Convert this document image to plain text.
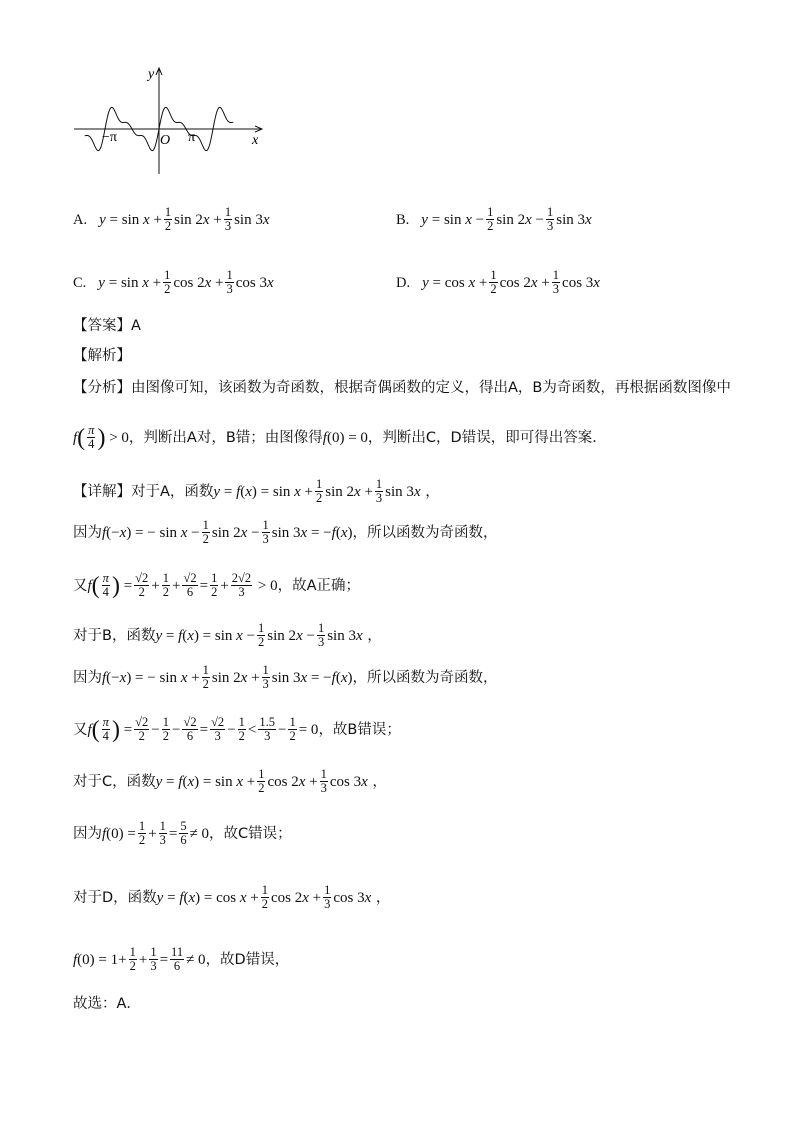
y
x
O
−π	π
A. y = sin
x
+ $\frac{1}{2}$ sin 2 x
+ $\frac{1}{3}$ sin 3 x	B. y = sin
x
− $\frac{1}{2}$ sin 2 x
− $\frac{1}{3}$ sin 3 x
C. y = sin
x
+ $\frac{1}{2}$ cos 2 x
+ $\frac{1}{3}$ cos 3 x	D. y = cos
x
+ $\frac{1}{2}$ cos 2 x
+ $\frac{1}{3}$ cos 3 x
【答案】 A
【解析】
【分析】 由图像可知，该函数为奇函数，根据奇偶函数的定义，得出A，B为奇函数，再根据函数图像中
f ( $\frac{\pi}{4}$ ) > 0 ，判断出A对，B错；由图像得 f (0) = 0 ，判断出C，D错误，即可得出答案．
【详解】 对于A，函数 y = f ( x ) = $\sin x + \frac{1}{2}$ sin 2 $x + \frac{1}{3}$ sin 3 x ，
因为 f (− x ) = − $\sin x - \frac{1}{2}$ sin 2 $x - \frac{1}{3}$ sin 3 x = − f ( x ) ，所以函数为奇函数，
又 f ( $\frac{\pi}{4}$ ) = $\frac{√2}{2} + \frac{1}{2} + \frac{√2}{6} = \frac{1}{2} + \frac{2√2}{3} > 0$ ，故A正确；
对于B，函数 y = f ( x ) = $\sin x - \frac{1}{2}$ sin 2 $x - \frac{1}{3}$ sin 3 x ，
因为 f (− x ) = − $\sin x + \frac{1}{2}$ sin 2 $x + \frac{1}{3}$ sin 3 x = − f ( x ) ，所以函数为奇函数，
又 f ( $\frac{\pi}{4}$ ) = $\frac{√2}{2} - \frac{1}{2} - \frac{√2}{6} = \frac{√2}{3} - \frac{1}{2} < \frac{1.5}{3} - \frac{1}{2} = 0$ ，故B错误；
对于C，函数 y = f ( x ) = $\sin x + \frac{1}{2}$ cos 2 $x + \frac{1}{3}$ cos 3 x ，
因为 f $(0) = \frac{1}{2} + \frac{1}{3} = \frac{5}{6} \ne 0$ ，故C错误；
对于D，函数 y = f ( x ) = $\cos x + \frac{1}{2}$ cos 2 $x + \frac{1}{3}$ cos 3 x ，
f $(0) = 1+ \frac{1}{2} + \frac{1}{3} = \frac{11}{6} \ne 0$ ，故D错误，
故选：A．
